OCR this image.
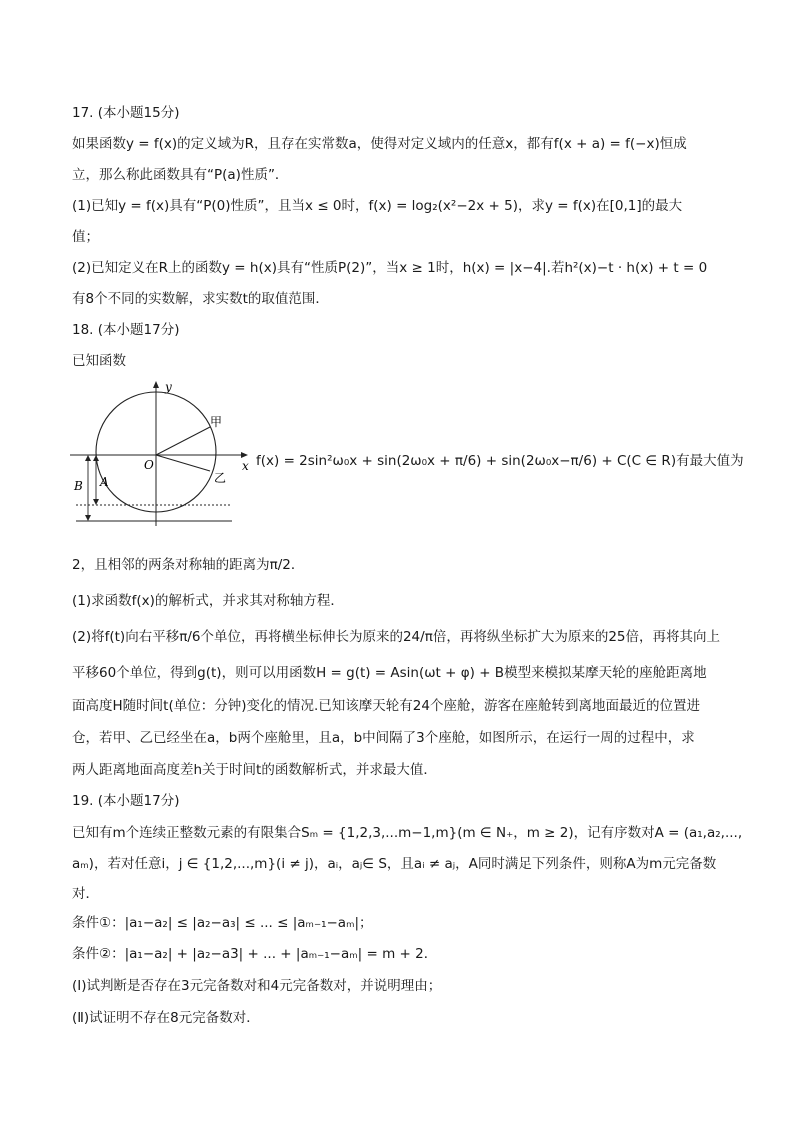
17. (本小题15分)
如果函数y = f(x)的定义域为R，且存在实常数a，使得对定义域内的任意x，都有f(x + a) = f(−x)恒成
立，那么称此函数具有“P(a)性质”．
(1)已知y = f(x)具有“P(0)性质”，且当x ≤ 0时，f(x) = log₂(x²−2x + 5)，求y = f(x)在[0,1]的最大
值；
(2)已知定义在R上的函数y = h(x)具有“性质P(2)”，当x ≥ 1时，h(x) = |x−4|.若h²(x)−t · h(x) + t = 0
有8个不同的实数解，求实数t的取值范围．
18. (本小题17分)
已知函数
y
x
O
甲
乙
B A
f(x) = 2sin²ω₀x + sin(2ω₀x + π/6) + sin(2ω₀x−π/6) + C(C ∈ R)有最大值为
2，且相邻的两条对称轴的距离为π/2．
(1)求函数f(x)的解析式，并求其对称轴方程．
(2)将f(t)向右平移π/6个单位，再将横坐标伸长为原来的24/π倍，再将纵坐标扩大为原来的25倍，再将其向上
平移60个单位，得到g(t)，则可以用函数H = g(t) = Asin(ωt + φ) + B模型来模拟某摩天轮的座舱距离地
面高度H随时间t(单位：分钟)变化的情况.已知该摩天轮有24个座舱，游客在座舱转到离地面最近的位置进
仓，若甲、乙已经坐在a，b两个座舱里，且a，b中间隔了3个座舱，如图所示，在运行一周的过程中，求
两人距离地面高度差h关于时间t的函数解析式，并求最大值．
19. (本小题17分)
已知有m个连续正整数元素的有限集合Sₘ = {1,2,3,...m−1,m}(m ∈ N₊，m ≥ 2)，记有序数对A = (a₁,a₂,...,
aₘ)，若对任意i，j ∈ {1,2,...,m}(i ≠ j)，aᵢ，aⱼ∈ S，且aᵢ ≠ aⱼ，A同时满足下列条件，则称A为m元完备数
对．
条件①：|a₁−a₂| ≤ |a₂−a₃| ≤ ... ≤ |aₘ₋₁−aₘ|；
条件②：|a₁−a₂| + |a₂−a3| + ... + |aₘ₋₁−aₘ| = m + 2．
(Ⅰ)试判断是否存在3元完备数对和4元完备数对，并说明理由；
(Ⅱ)试证明不存在8元完备数对．
